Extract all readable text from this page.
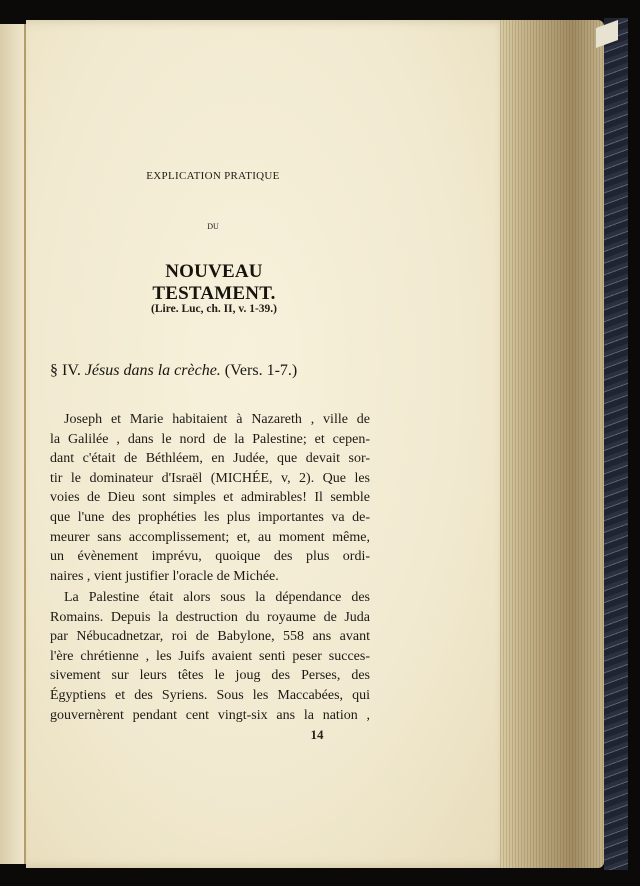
EXPLICATION PRATIQUE
DU
NOUVEAU TESTAMENT.
(Lire. Luc, ch. II, v. 1-39.)
§ IV. Jésus dans la crèche. (Vers. 1-7.)
Joseph et Marie habitaient à Nazareth , ville de
la Galilée , dans le nord de la Palestine; et cepen-
dant c'était de Béthléem, en Judée, que devait sor-
tir le dominateur d'Israël (MICHÉE, v, 2). Que les
voies de Dieu sont simples et admirables! Il semble
que l'une des prophéties les plus importantes va de-
meurer sans accomplissement; et, au moment même,
un évènement imprévu, quoique des plus ordi-
naires , vient justifier l'oracle de Michée.
La Palestine était alors sous la dépendance des
Romains. Depuis la destruction du royaume de Juda
par Nébucadnetzar, roi de Babylone, 558 ans avant
l'ère chrétienne , les Juifs avaient senti peser succes-
sivement sur leurs têtes le joug des Perses, des
Égyptiens et des Syriens. Sous les Maccabées, qui
gouvernèrent pendant cent vingt-six ans la nation ,
14
